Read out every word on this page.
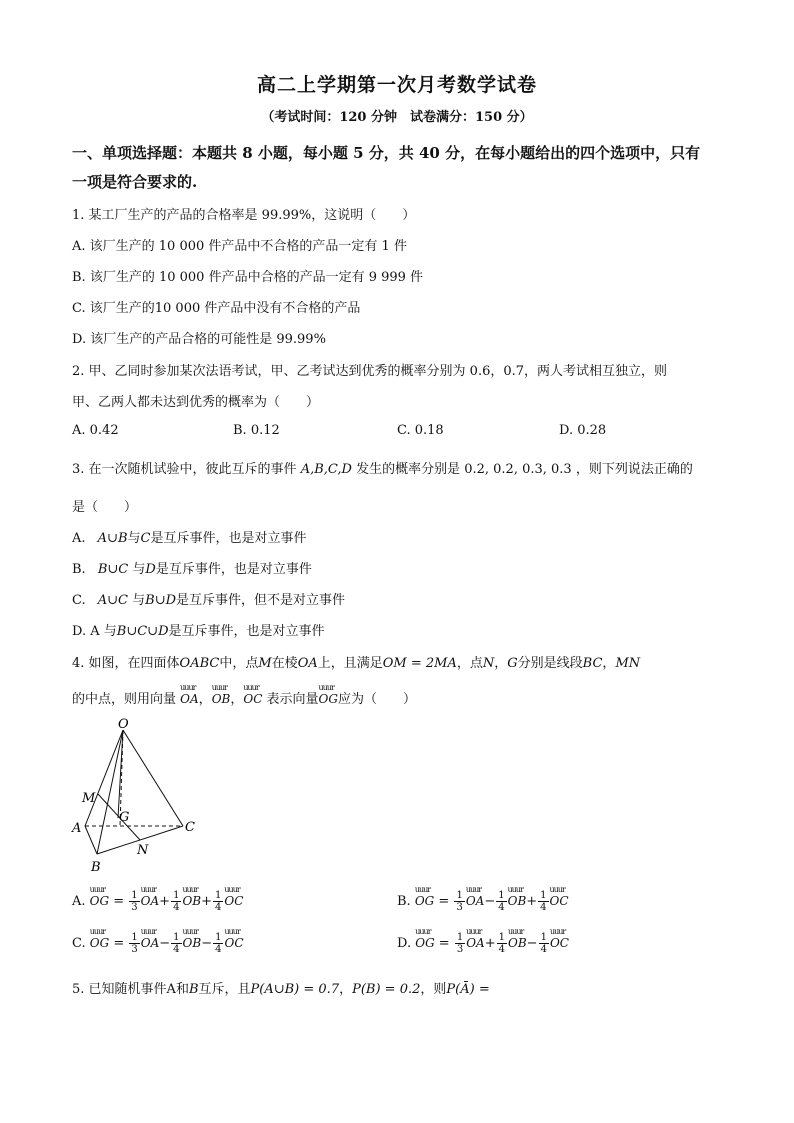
高二上学期第一次月考数学试卷
（考试时间：120 分钟　试卷满分：150 分）
一、单项选择题：本题共 8 小题，每小题 5 分，共 40 分，在每小题给出的四个选项中，只有
一项是符合要求的.
1. 某工厂生产的产品的合格率是 99.99%，这说明（　　）
A. 该厂生产的 10 000 件产品中不合格的产品一定有 1 件
B. 该厂生产的 10 000 件产品中合格的产品一定有 9 999 件
C. 该厂生产的10 000 件产品中没有不合格的产品
D. 该厂生产的产品合格的可能性是 99.99%
2. 甲、乙同时参加某次法语考试，甲、乙考试达到优秀的概率分别为 0.6，0.7，两人考试相互独立，则
甲、乙两人都未达到优秀的概率为（　　）
A. 0.42	B. 0.12	C. 0.18	D. 0.28
3. 在一次随机试验中，彼此互斥的事件 A,B,C,D 发生的概率分别是 0.2, 0.2, 0.3, 0.3 ，则下列说法正确的
是（　　）
A. A∪B与C是互斥事件，也是对立事件
B. B∪C 与D是互斥事件，也是对立事件
C. A∪C 与B∪D是互斥事件，但不是对立事件
D. A 与B∪C∪D是互斥事件，也是对立事件
4. 如图，在四面体OABC中，点M在棱OA上，且满足OM = 2MA，点N，G分别是线段BC，MN
的中点，则用向量 uuur OA，uuur OB，uuur OC 表示向量uuur OG应为（　　）
O
M
A
G
C
N
B
A. uuur OG = $\frac{1}{3}$ uuur $OA+ \frac{1}{4}$ uuur $OB+ \frac{1}{4}$ uuur OC	B. uuur OG = $\frac{1}{3}$ uuur $OA- \frac{1}{4}$ uuur $OB+ \frac{1}{4}$ uuur OC
C. uuur OG = $\frac{1}{3}$ uuur $OA- \frac{1}{4}$ uuur $OB- \frac{1}{4}$ uuur OC	D. uuur OG = $\frac{1}{3}$ uuur $OA+ \frac{1}{4}$ uuur $OB- \frac{1}{4}$ uuur OC
5. 已知随机事件A和B互斥，且P(A∪B) = 0.7，P(B) = 0.2，则P(Ā) =
